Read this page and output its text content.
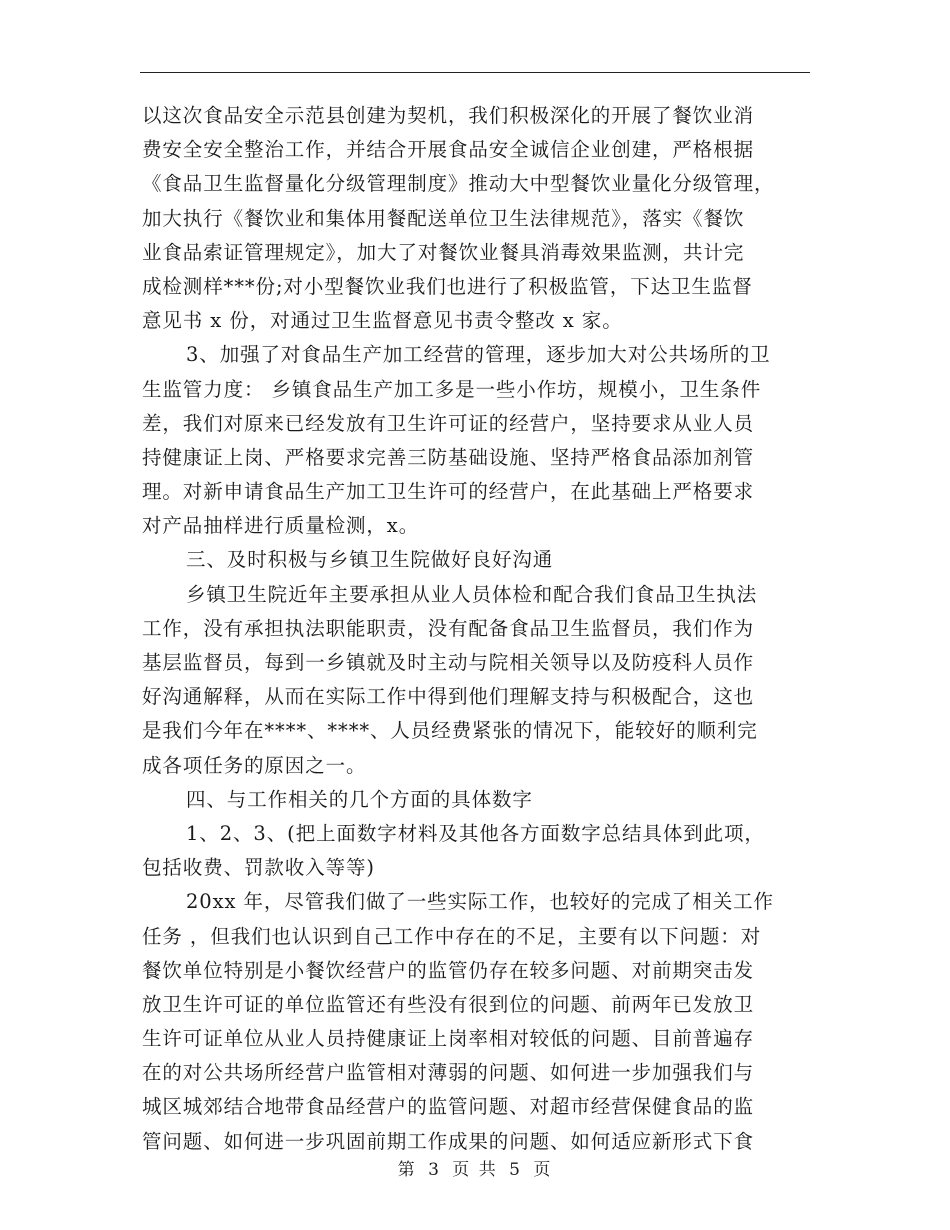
以这次食品安全示范县创建为契机，我们积极深化的开展了餐饮业消
费安全安全整治工作，并结合开展食品安全诚信企业创建，严格根据
《食品卫生监督量化分级管理制度》推动大中型餐饮业量化分级管理，
加大执行《餐饮业和集体用餐配送单位卫生法律规范》，落实《餐饮
业食品索证管理规定》，加大了对餐饮业餐具消毒效果监测，共计完
成检测样***份;对小型餐饮业我们也进行了积极监管，下达卫生监督
意见书 x 份，对通过卫生监督意见书责令整改 x 家。
3、加强了对食品生产加工经营的管理，逐步加大对公共场所的卫
生监管力度： 乡镇食品生产加工多是一些小作坊，规模小，卫生条件
差，我们对原来已经发放有卫生许可证的经营户，坚持要求从业人员
持健康证上岗、严格要求完善三防基础设施、坚持严格食品添加剂管
理。对新申请食品生产加工卫生许可的经营户，在此基础上严格要求
对产品抽样进行质量检测，x。
三、及时积极与乡镇卫生院做好良好沟通
乡镇卫生院近年主要承担从业人员体检和配合我们食品卫生执法
工作，没有承担执法职能职责，没有配备食品卫生监督员，我们作为
基层监督员，每到一乡镇就及时主动与院相关领导以及防疫科人员作
好沟通解释，从而在实际工作中得到他们理解支持与积极配合，这也
是我们今年在****、****、人员经费紧张的情况下，能较好的顺利完
成各项任务的原因之一。
四、与工作相关的几个方面的具体数字
1、2、3、(把上面数字材料及其他各方面数字总结具体到此项，
包括收费、罚款收入等等)
20xx 年，尽管我们做了一些实际工作，也较好的完成了相关工作
任务 ，但我们也认识到自己工作中存在的不足，主要有以下问题：对
餐饮单位特别是小餐饮经营户的监管仍存在较多问题、对前期突击发
放卫生许可证的单位监管还有些没有很到位的问题、前两年已发放卫
生许可证单位从业人员持健康证上岗率相对较低的问题、目前普遍存
在的对公共场所经营户监管相对薄弱的问题、如何进一步加强我们与
城区城郊结合地带食品经营户的监管问题、对超市经营保健食品的监
管问题、如何进一步巩固前期工作成果的问题、如何适应新形式下食
第 3 页 共 5 页
